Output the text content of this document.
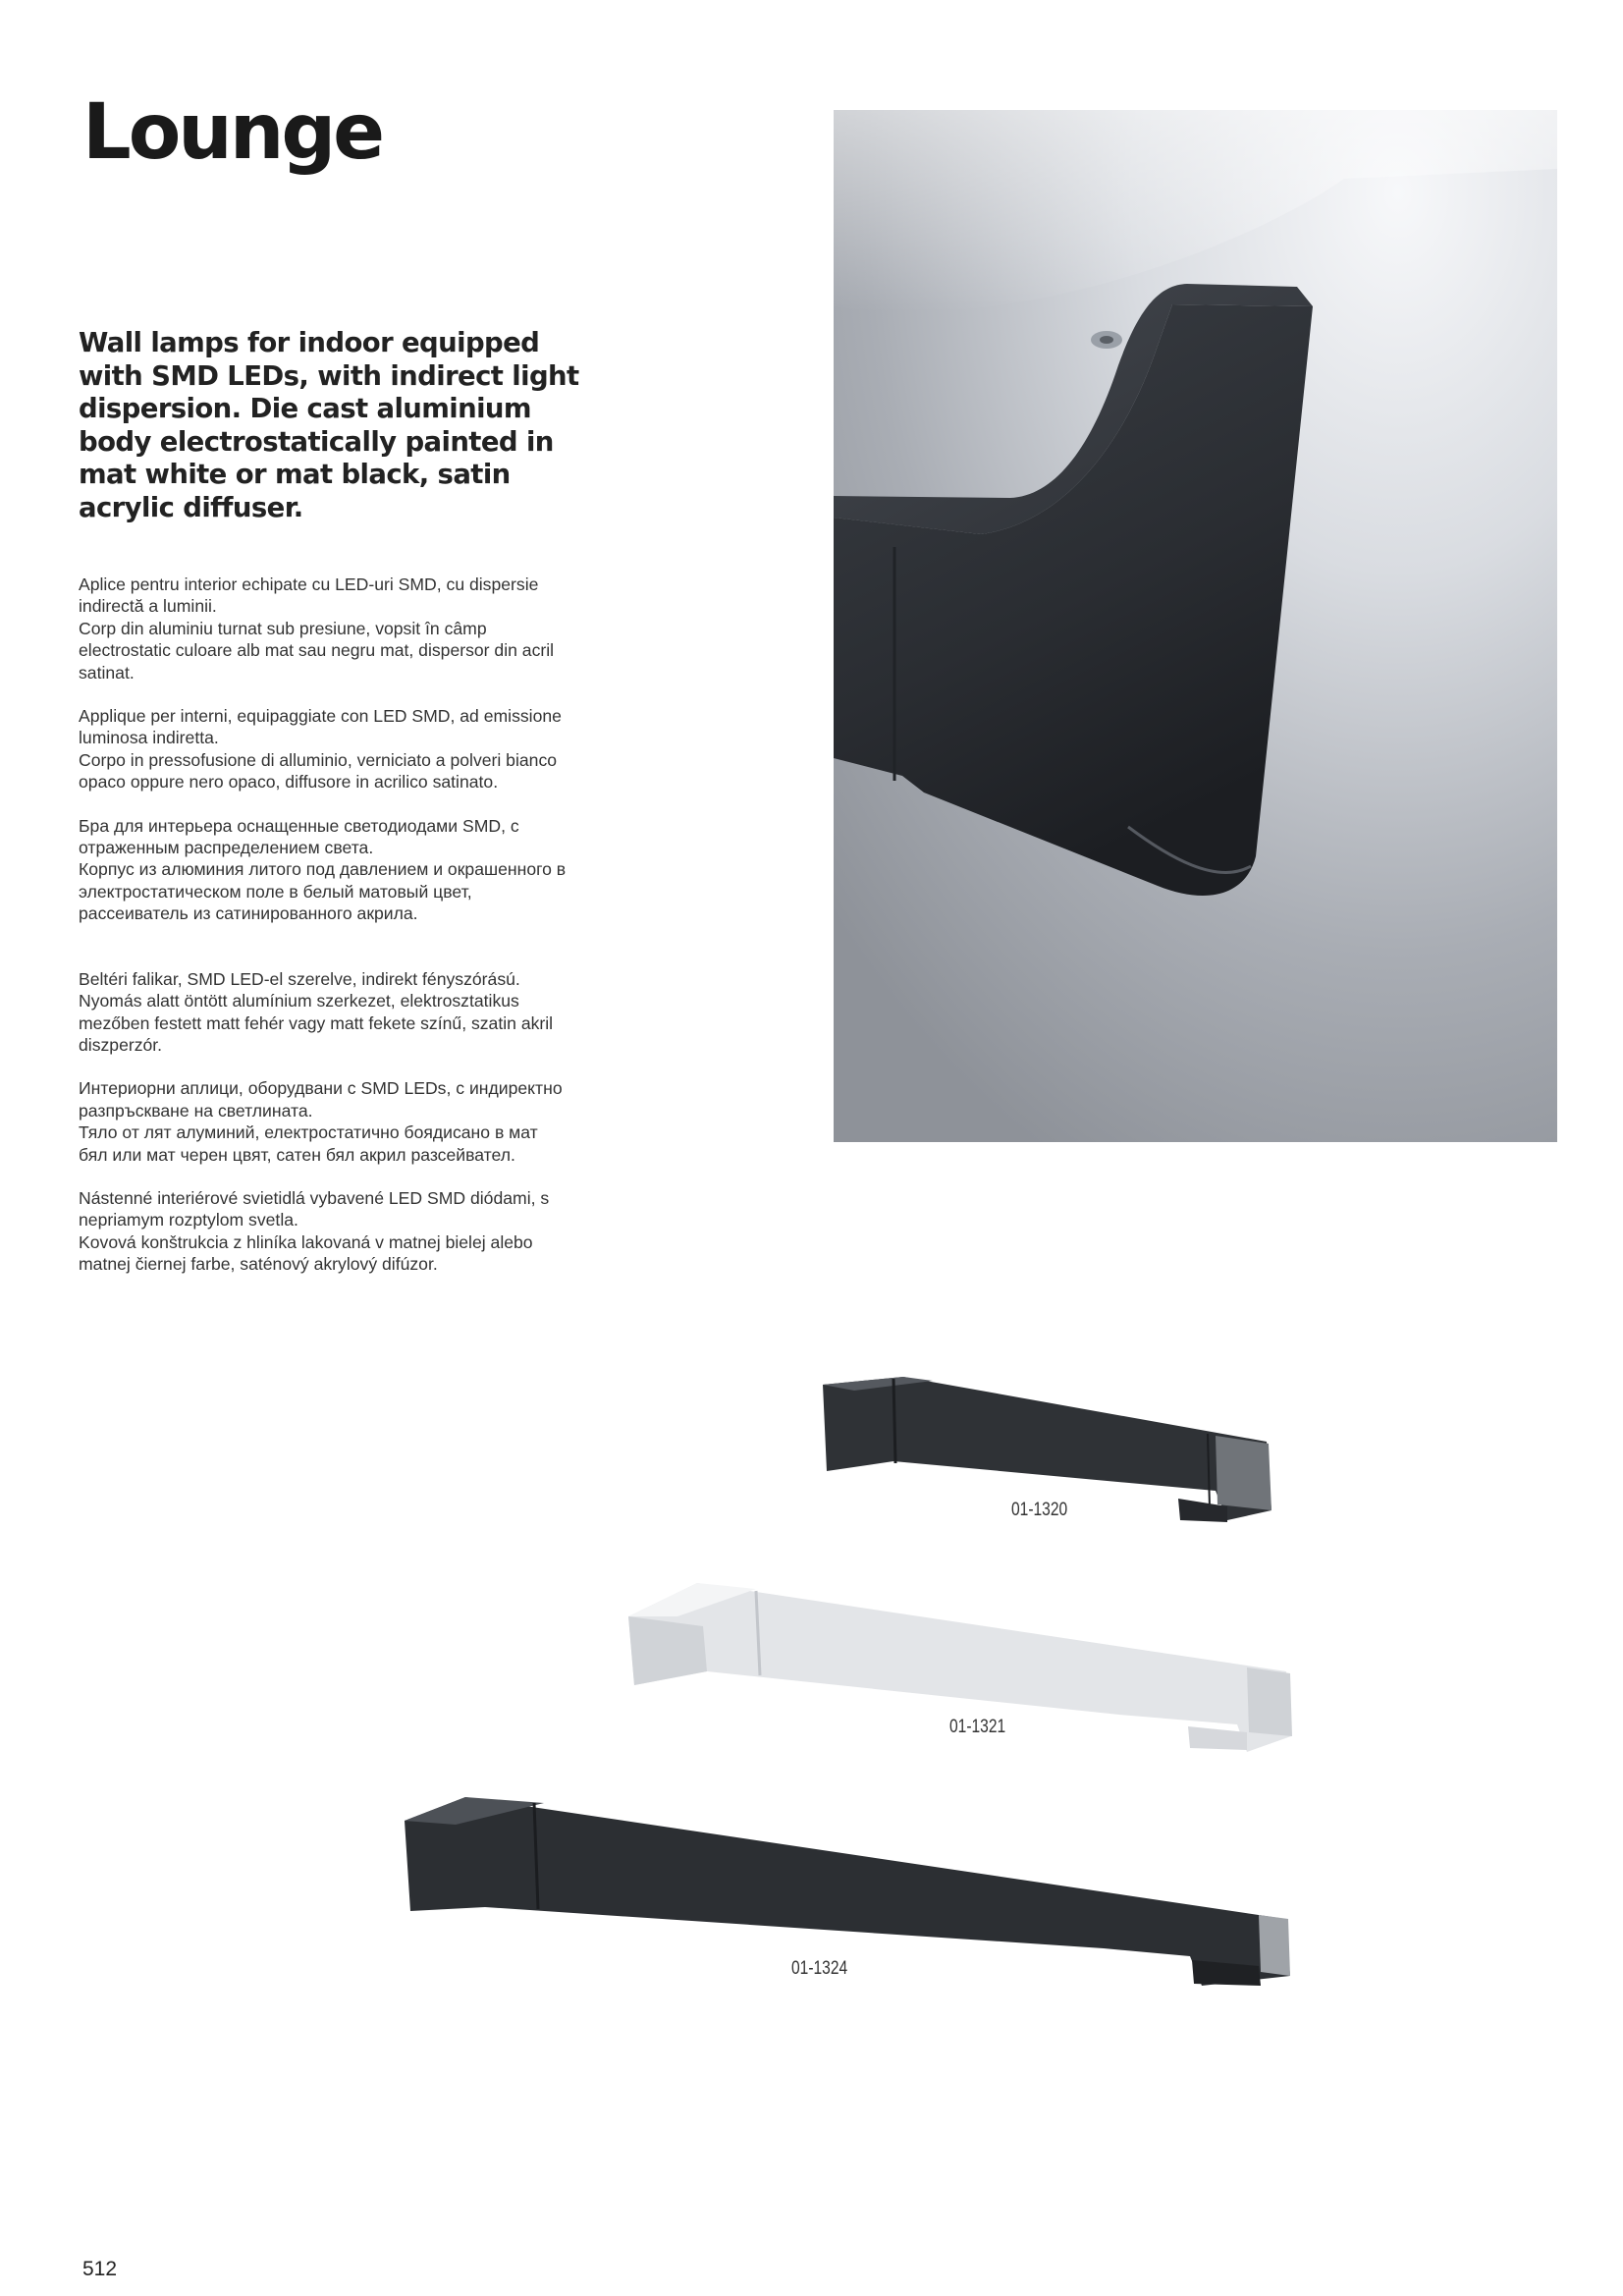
Lounge

Wall lamps for indoor equipped with SMD LEDs, with indirect light dispersion. Die cast aluminium body electrostatically painted in mat white or mat black, satin acrylic diffuser.

Aplice pentru interior echipate cu LED-uri SMD, cu dispersie indirectă a luminii.
Corp din aluminiu turnat sub presiune, vopsit în câmp electrostatic culoare alb mat sau negru mat, dispersor din acril satinat.

Applique per interni, equipaggiate con LED SMD, ad emissione luminosa indiretta.
Corpo in pressofusione di alluminio, verniciato a polveri bianco opaco oppure nero opaco, diffusore in acrilico satinato.

Бра для интерьера оснащенные светодиодами SMD, с отраженным распределением света.
Корпус из алюминия литого под давлением и окрашенного в электростатическом поле в белый матовый цвет, рассеиватель из сатинированного акрила.

Beltéri falikar, SMD LED-el szerelve, indirekt fényszórású. Nyomás alatt öntött alumínium szerkezet, elektrosztatikus mezőben festett matt fehér vagy matt fekete színű, szatin akril diszperzór.

Интериорни аплици, оборудвани с SMD LEDs, с индиректно разпръскване на светлината.
Тяло от лят алуминий, електростатично боядисано в мат бял или мат черен цвят, сатен бял акрил разсейвател.

Nástenné interiérové svietidlá vybavené LED SMD diódami, s nepriamym rozptylom svetla.
Kovová konštrukcia z hliníka lakovaná v matnej bielej alebo matnej čiernej farbe, saténový akrylový difúzor.

01-1320
01-1321
01-1324
512
